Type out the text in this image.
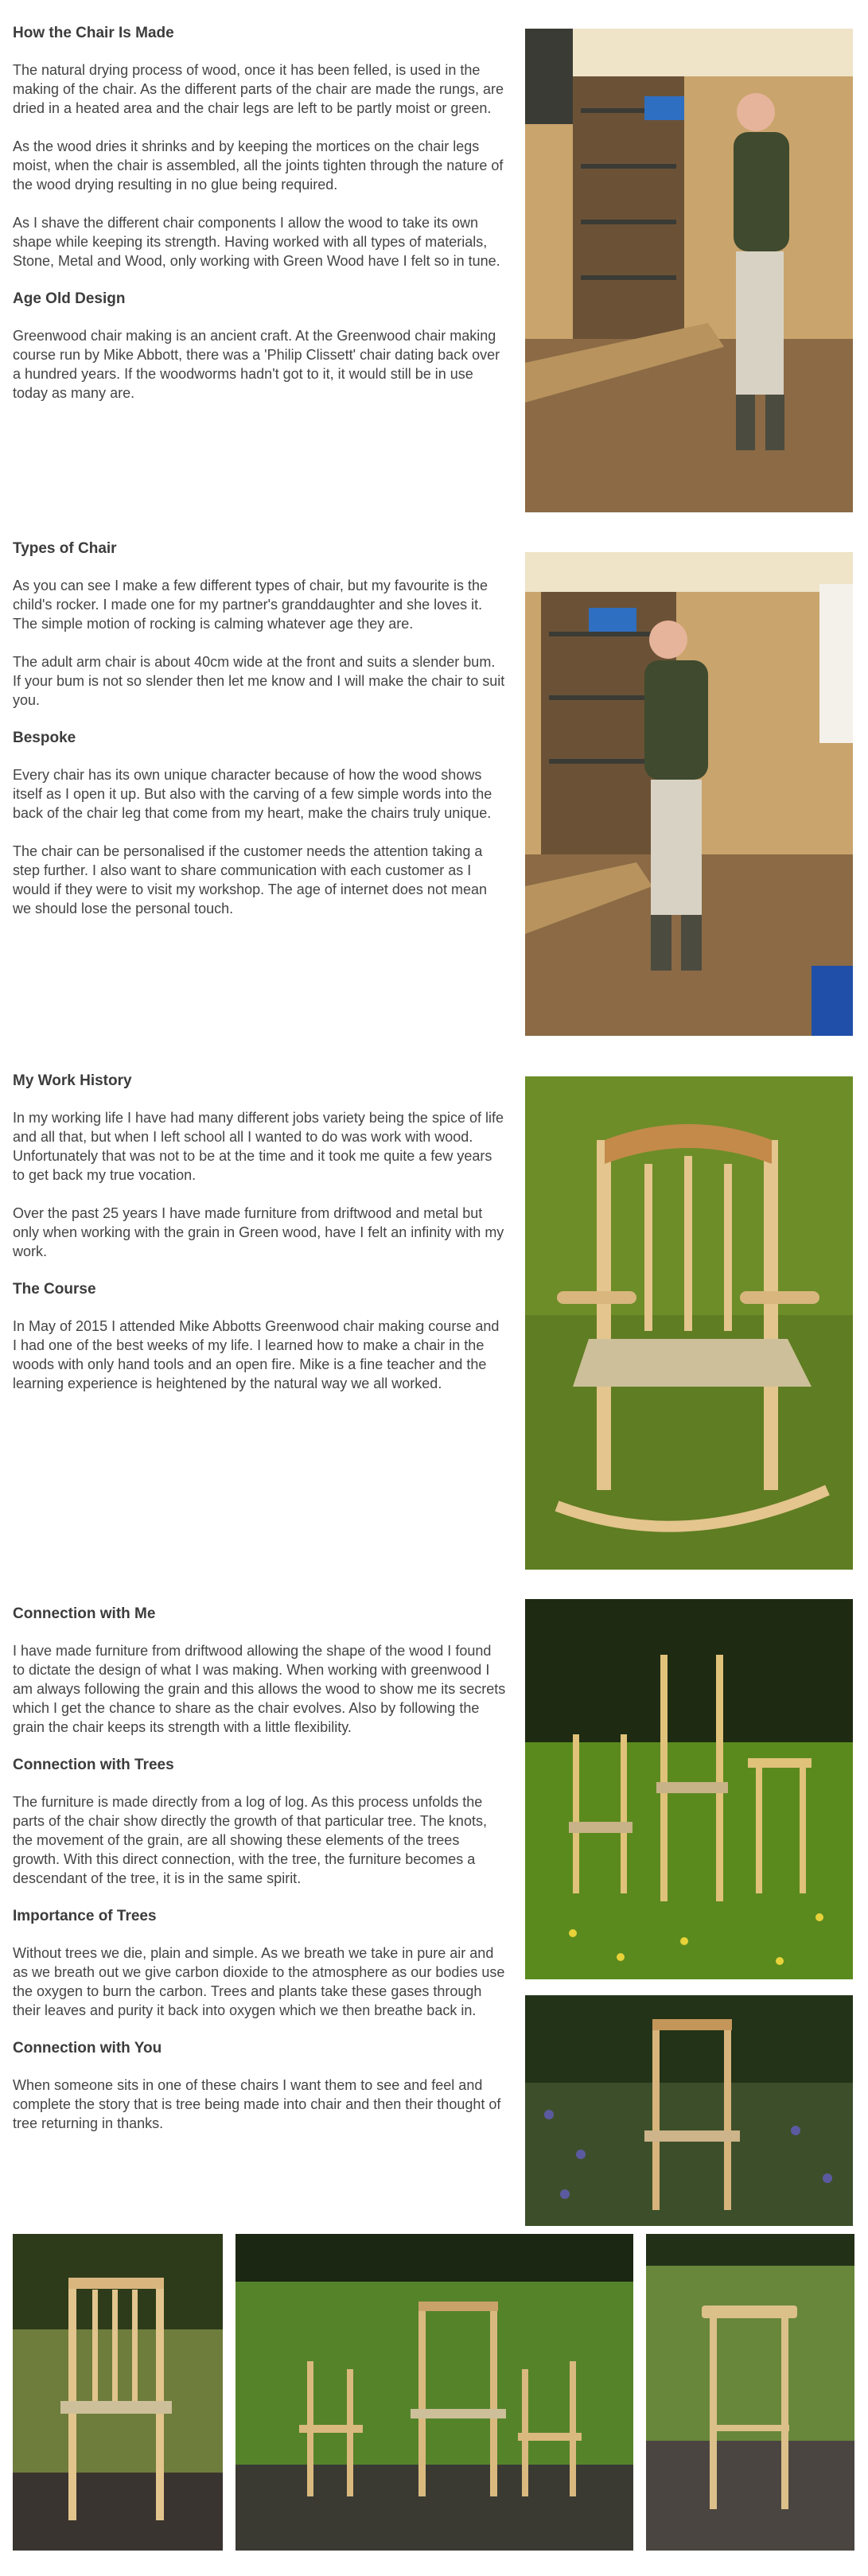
How the Chair Is Made

The natural drying process of wood, once it has been felled, is used in the making of the chair. As the different parts of the chair are made the rungs, are dried in a heated area and the chair legs are left to be partly moist or green.

As the wood dries it shrinks and by keeping the mortices on the chair legs moist, when the chair is assembled, all the joints tighten through the nature of the wood drying resulting in no glue being required.

As I shave the different chair components I allow the wood to take its own shape while keeping its strength. Having worked with all types of materials, Stone, Metal and Wood, only working with Green Wood have I felt so in tune.

Age Old Design

Greenwood chair making is an ancient craft. At the Greenwood chair making course run by Mike Abbott, there was a 'Philip Clissett' chair dating back over a hundred years. If the woodworms hadn't got to it, it would still be in use today as many are.

Types of Chair

As you can see I make a few different types of chair, but my favourite is the child's rocker. I made one for my partner's granddaughter and she loves it. The simple motion of rocking is calming whatever age they are.

The adult arm chair is about 40cm wide at the front and suits a slender bum. If your bum is not so slender then let me know and I will make the chair to suit you.

Bespoke

Every chair has its own unique character because of how the wood shows itself as I open it up. But also with the carving of a few simple words into the back of the chair leg that come from my heart, make the chairs truly unique.

The chair can be personalised if the customer needs the attention taking a step further. I also want to share communication with each customer as I would if they were to visit my workshop. The age of internet does not mean we should lose the personal touch.

My Work History

In my working life I have had many different jobs variety being the spice of life and all that, but when I left school all I wanted to do was work with wood. Unfortunately that was not to be at the time and it took me quite a few years to get back my true vocation.

Over the past 25 years I have made furniture from driftwood and metal but only when working with the grain in Green wood, have I felt an infinity with my work.

The Course

In May of 2015 I attended Mike Abbotts Greenwood chair making course and I had one of the best weeks of my life. I learned how to make a chair in the woods with only hand tools and an open fire. Mike is a fine teacher and the learning experience is heightened by the natural way we all worked.

Connection with Me

I have made furniture from driftwood allowing the shape of the wood I found to dictate the design of what I was making. When working with greenwood I am always following the grain and this allows the wood to show me its secrets which I get the chance to share as the chair evolves. Also by following the grain the chair keeps its strength with a little flexibility.

Connection with Trees

The furniture is made directly from a log of log. As this process unfolds the parts of the chair show directly the growth of that particular tree. The knots, the movement of the grain, are all showing these elements of the trees growth. With this direct connection, with the tree, the furniture becomes a descendant of the tree, it is in the same spirit.

Importance of Trees

Without trees we die, plain and simple. As we breath we take in pure air and as we breath out we give carbon dioxide to the atmosphere as our bodies use the oxygen to burn the carbon. Trees and plants take these gases through their leaves and purity it back into oxygen which we then breathe back in.

Connection with You

When someone sits in one of these chairs I want them to see and feel and complete the story that is tree being made into chair and then their thought of tree returning in thanks.
